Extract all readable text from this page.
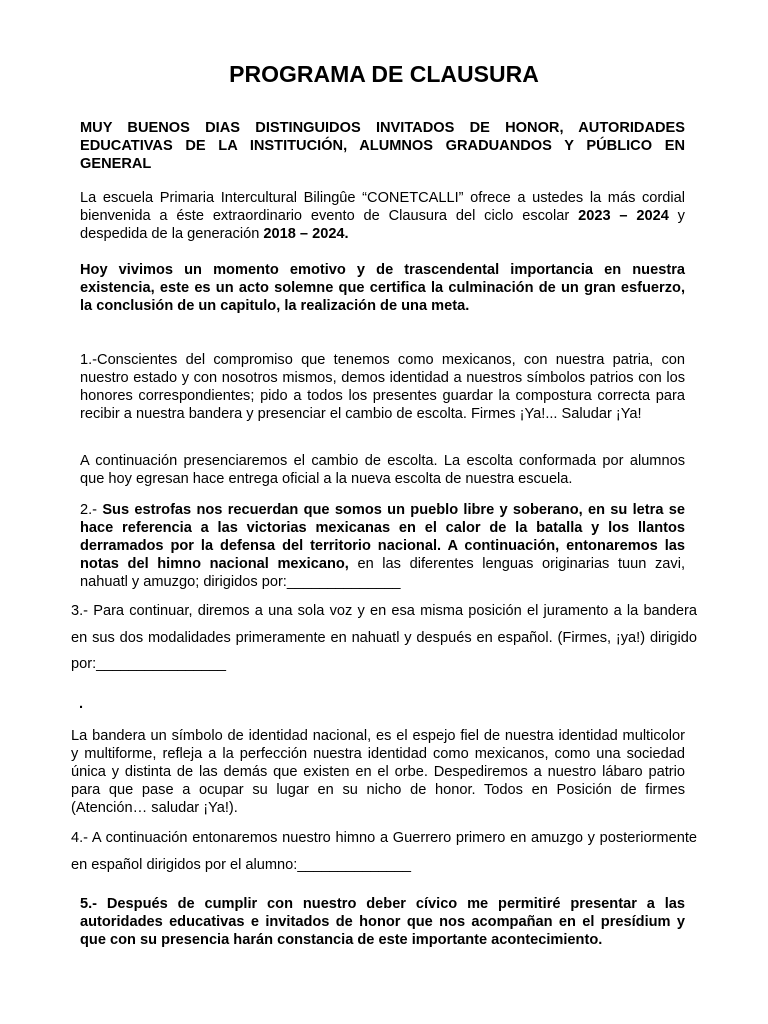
PROGRAMA DE CLAUSURA

MUY BUENOS DIAS DISTINGUIDOS INVITADOS DE HONOR, AUTORIDADES EDUCATIVAS DE LA INSTITUCIÓN, ALUMNOS GRADUANDOS Y PÚBLICO EN GENERAL

La escuela Primaria Intercultural Bilingûe “CONETCALLI” ofrece a ustedes la más cordial bienvenida a éste extraordinario evento de Clausura del ciclo escolar 2023 – 2024 y despedida de la generación 2018 – 2024.

Hoy vivimos un momento emotivo y de trascendental importancia en nuestra existencia, este es un acto solemne que certifica la culminación de un gran esfuerzo, la conclusión de un capitulo, la realización de una meta.

1.-Conscientes del compromiso que tenemos como mexicanos, con nuestra patria, con nuestro estado y con nosotros mismos, demos identidad a nuestros símbolos patrios con los honores correspondientes; pido a todos los presentes guardar la compostura correcta para recibir a nuestra bandera y presenciar el cambio de escolta. Firmes ¡Ya!... Saludar ¡Ya!

A continuación presenciaremos el cambio de escolta. La escolta conformada por alumnos que hoy egresan hace entrega oficial a la nueva escolta de nuestra escuela.

2.- Sus estrofas nos recuerdan que somos un pueblo libre y soberano, en su letra se hace referencia a las victorias mexicanas en el calor de la batalla y los llantos derramados por la defensa del territorio nacional. A continuación, entonaremos las notas del himno nacional mexicano, en las diferentes lenguas originarias tuun zavi, nahuatl y amuzgo; dirigidos por:______________

3.- Para continuar, diremos a una sola voz y en esa misma posición el juramento a la bandera en sus dos modalidades primeramente en nahuatl y después en español. (Firmes, ¡ya!) dirigido por:________________

.

La bandera un símbolo de identidad nacional, es el espejo fiel de nuestra identidad multicolor y multiforme, refleja a la perfección nuestra identidad como mexicanos, como una sociedad única y distinta de las demás que existen en el orbe. Despediremos a nuestro lábaro patrio para que pase a ocupar su lugar en su nicho de honor. Todos en Posición de firmes (Atención… saludar ¡Ya!).

4.- A continuación entonaremos nuestro himno a Guerrero primero en amuzgo y posteriormente en español dirigidos por el alumno:______________

5.- Después de cumplir con nuestro deber cívico me permitiré presentar a las autoridades educativas e invitados de honor que nos acompañan en el presídium y que con su presencia harán constancia de este importante acontecimiento.
